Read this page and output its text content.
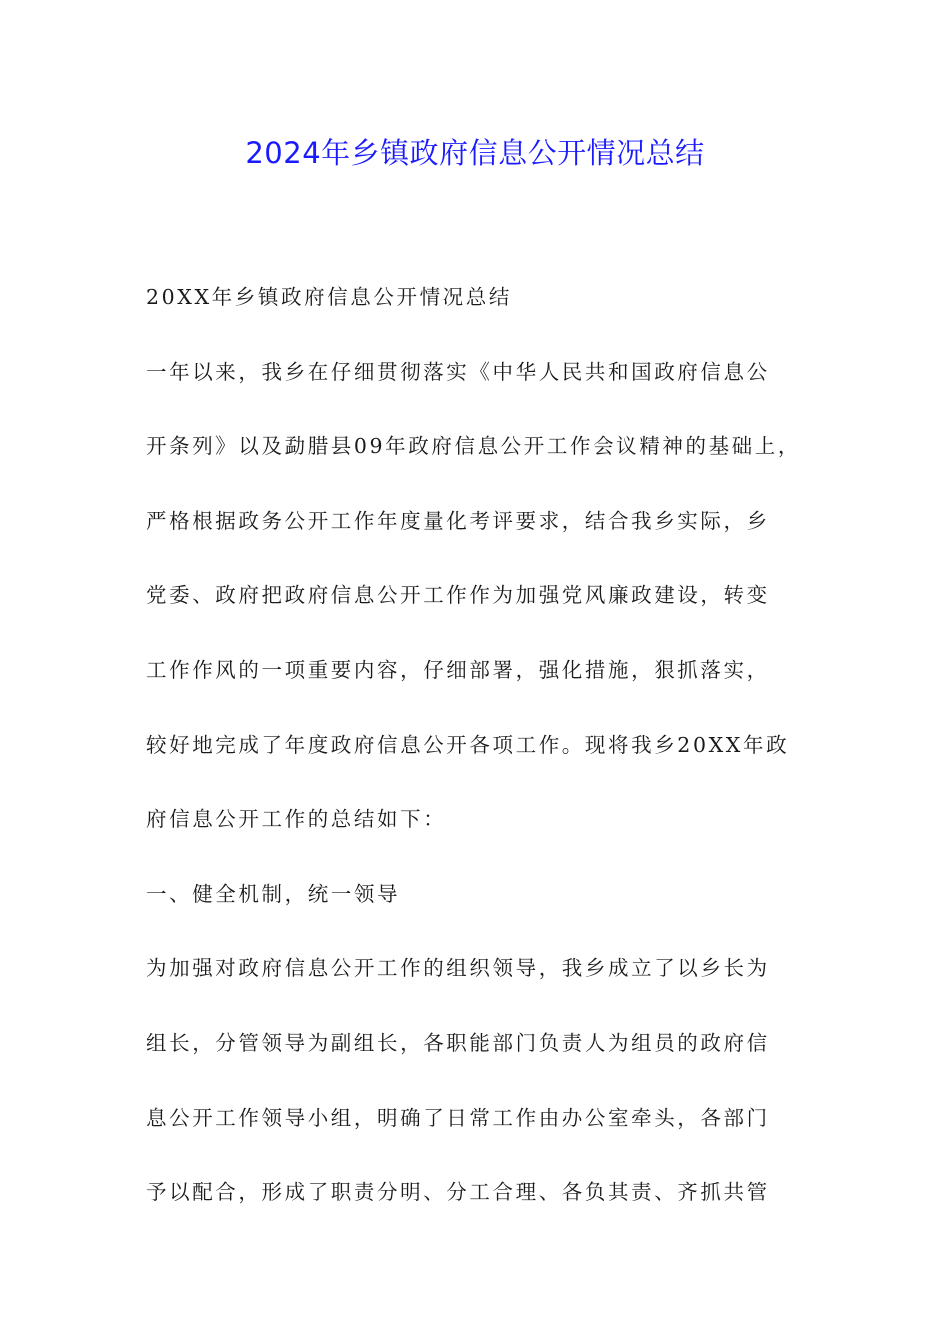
2024年乡镇政府信息公开情况总结
20XX年乡镇政府信息公开情况总结
一年以来，我乡在仔细贯彻落实《中华人民共和国政府信息公
开条列》以及勐腊县09年政府信息公开工作会议精神的基础上，
严格根据政务公开工作年度量化考评要求，结合我乡实际，乡
党委、政府把政府信息公开工作作为加强党风廉政建设，转变
工作作风的一项重要内容，仔细部署，强化措施，狠抓落实，
较好地完成了年度政府信息公开各项工作。现将我乡20XX年政
府信息公开工作的总结如下：
一、健全机制，统一领导
为加强对政府信息公开工作的组织领导，我乡成立了以乡长为
组长，分管领导为副组长，各职能部门负责人为组员的政府信
息公开工作领导小组，明确了日常工作由办公室牵头，各部门
予以配合，形成了职责分明、分工合理、各负其责、齐抓共管
